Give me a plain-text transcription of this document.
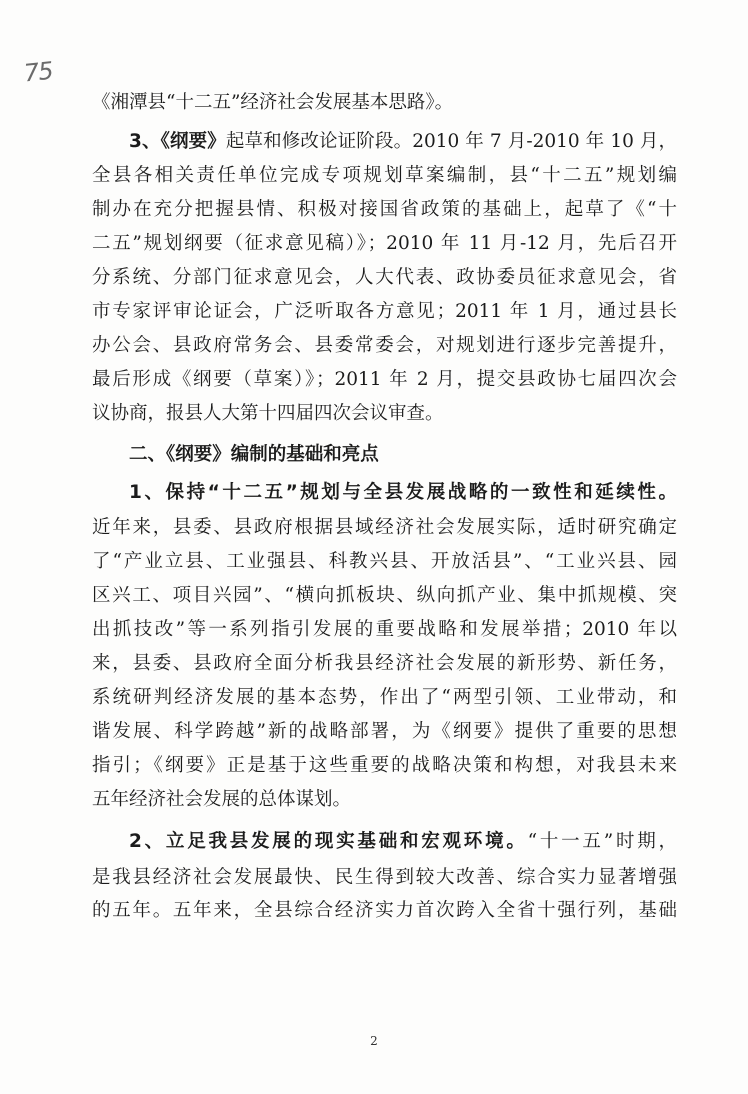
75
《湘潭县“十二五”经济社会发展基本思路》。
3、《纲要》起草和修改论证阶段。2010 年 7 月-2010 年 10 月，
全县各相关责任单位完成专项规划草案编制，县“十二五”规划编
制办在充分把握县情、积极对接国省政策的基础上，起草了《“十
二五”规划纲要（征求意见稿）》；2010 年 11 月-12 月，先后召开
分系统、分部门征求意见会，人大代表、政协委员征求意见会，省
市专家评审论证会，广泛听取各方意见；2011 年 1 月，通过县长
办公会、县政府常务会、县委常委会，对规划进行逐步完善提升，
最后形成《纲要（草案）》；2011 年 2 月，提交县政协七届四次会
议协商，报县人大第十四届四次会议审查。
二、《纲要》编制的基础和亮点
1、保持“十二五”规划与全县发展战略的一致性和延续性。
近年来，县委、县政府根据县域经济社会发展实际，适时研究确定
了“产业立县、工业强县、科教兴县、开放活县”、“工业兴县、园
区兴工、项目兴园”、“横向抓板块、纵向抓产业、集中抓规模、突
出抓技改”等一系列指引发展的重要战略和发展举措；2010 年以
来，县委、县政府全面分析我县经济社会发展的新形势、新任务，
系统研判经济发展的基本态势，作出了“两型引领、工业带动，和
谐发展、科学跨越”新的战略部署，为《纲要》提供了重要的思想
指引；《纲要》正是基于这些重要的战略决策和构想，对我县未来
五年经济社会发展的总体谋划。
2、立足我县发展的现实基础和宏观环境。“十一五”时期，
是我县经济社会发展最快、民生得到较大改善、综合实力显著增强
的五年。五年来，全县综合经济实力首次跨入全省十强行列，基础
2
